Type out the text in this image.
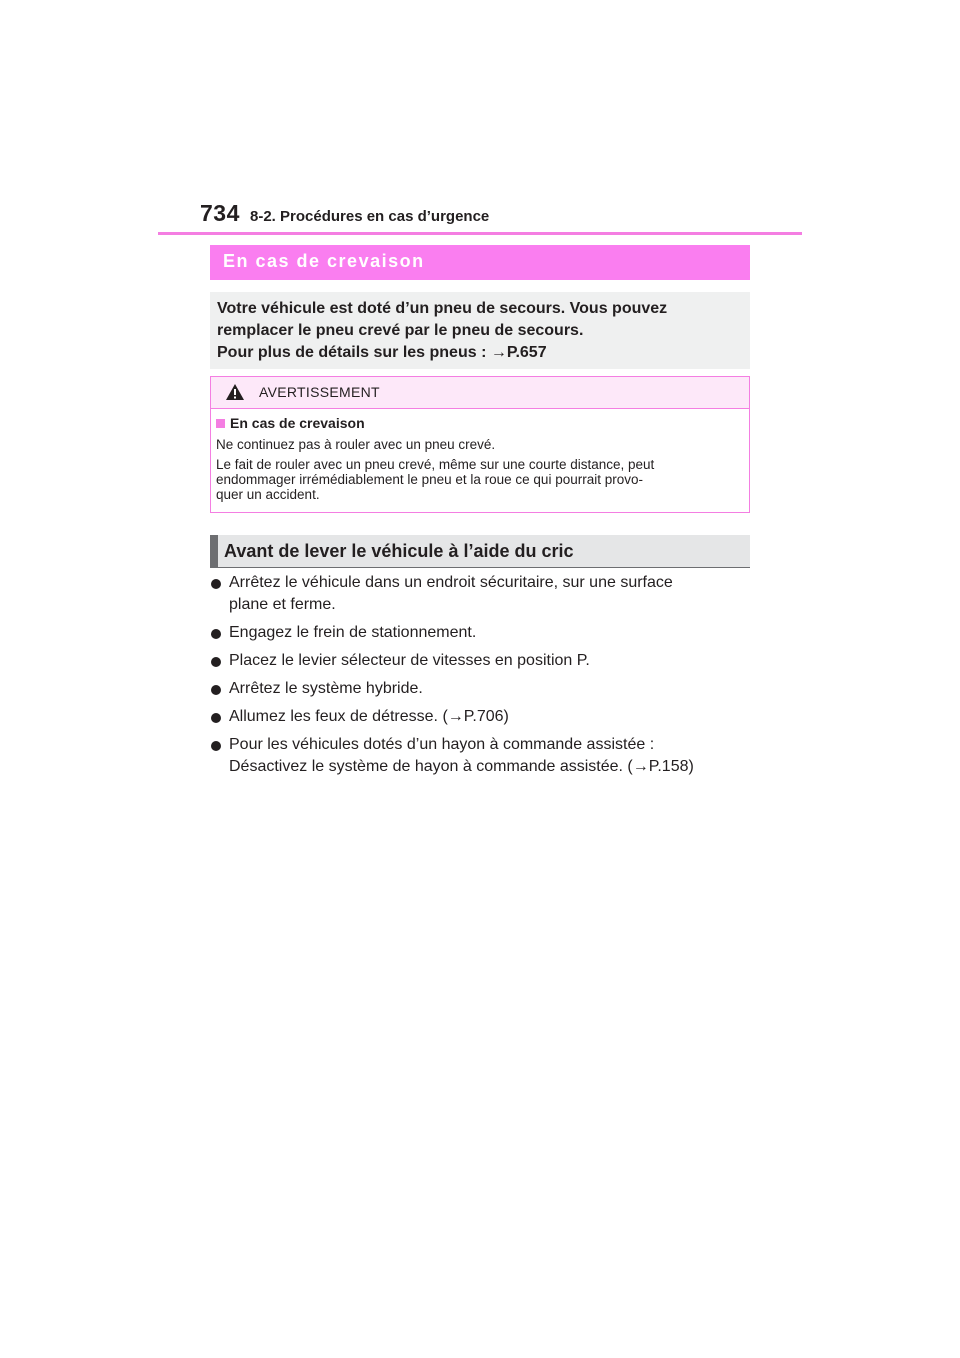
734 8-2. Procédures en cas d’urgence
En cas de crevaison
Votre véhicule est doté d’un pneu de secours. Vous pouvez
remplacer le pneu crevé par le pneu de secours.
Pour plus de détails sur les pneus : →P.657
AVERTISSEMENT
En cas de crevaison
Ne continuez pas à rouler avec un pneu crevé.
Le fait de rouler avec un pneu crevé, même sur une courte distance, peut
endommager irrémédiablement le pneu et la roue ce qui pourrait provo-
quer un accident.
Avant de lever le véhicule à l’aide du cric
Arrêtez le véhicule dans un endroit sécuritaire, sur une surface
plane et ferme.
Engagez le frein de stationnement.
Placez le levier sélecteur de vitesses en position P.
Arrêtez le système hybride.
Allumez les feux de détresse. (→P.706)
Pour les véhicules dotés d’un hayon à commande assistée :
Désactivez le système de hayon à commande assistée. (→P.158)
